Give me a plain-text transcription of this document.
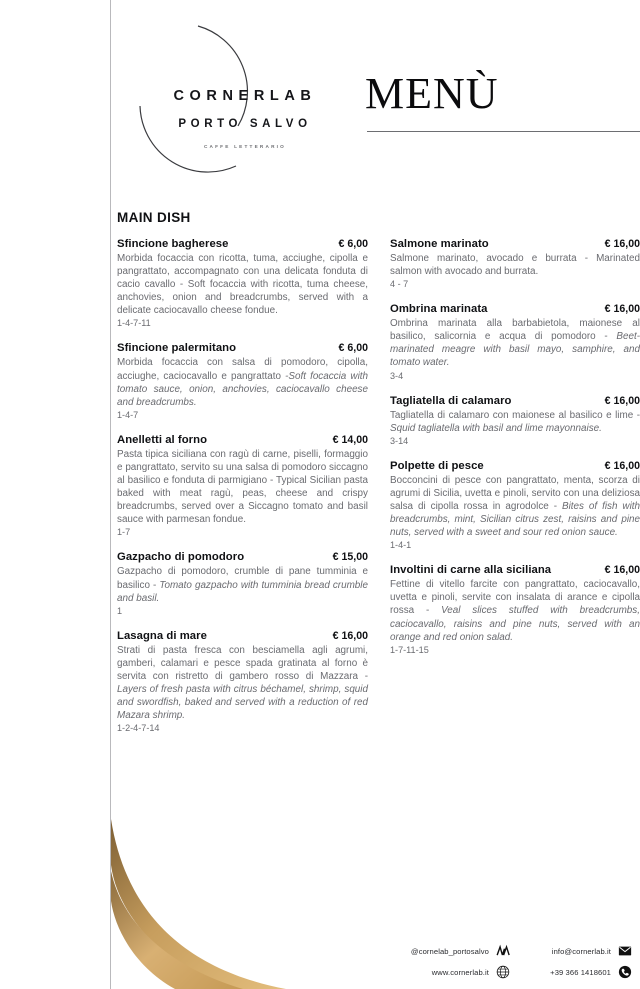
CORNERLAB
PORTO SALVO
CAFFE LETTERARIO
MENÙ
MAIN DISH
Sfincione bagherese	€ 6,00
Morbida focaccia con ricotta, tuma, acciughe, cipolla e pangrattato, accompagnato con una delicata fonduta di cacio cavallo - Soft focaccia with ricotta, tuma cheese, anchovies, onion and breadcrumbs, served with a delicate caciocavallo cheese fondue.
1-4-7-11
Sfincione palermitano	€ 6,00
Morbida focaccia con salsa di pomodoro, cipolla, acciughe, caciocavallo e pangrattato -Soft focaccia with tomato sauce, onion, anchovies, caciocavallo cheese and breadcrumbs.
1-4-7
Anelletti al forno	€ 14,00
Pasta tipica siciliana con ragù di carne, piselli, formaggio e pangrattato, servito su una salsa di pomodoro siccagno al basilico e fonduta di parmigiano - Typical Sicilian pasta baked with meat ragù, peas, cheese and crispy breadcrumbs, served over a Siccagno tomato and basil sauce with parmesan fondue.
1-7
Gazpacho di pomodoro	€ 15,00
Gazpacho di pomodoro, crumble di pane tumminia e basilico - Tomato gazpacho with tumminia bread crumble and basil.
1
Lasagna di mare	€ 16,00
Strati di pasta fresca con besciamella agli agrumi, gamberi, calamari e pesce spada gratinata al forno è servita con ristretto di gambero rosso di Mazzara - Layers of fresh pasta with citrus béchamel, shrimp, squid and swordfish, baked and served with a reduction of red Mazara shrimp.
1-2-4-7-14
Salmone marinato	€ 16,00
Salmone marinato, avocado e burrata - Marinated salmon with avocado and burrata.
4 - 7
Ombrina marinata	€ 16,00
Ombrina marinata alla barbabietola, maionese al basilico, salicornia e acqua di pomodoro - Beet-marinated meagre with basil mayo, samphire, and tomato water.
3-4
Tagliatella di calamaro	€ 16,00
Tagliatella di calamaro con maionese al basilico e lime - Squid tagliatella with basil and lime mayonnaise.
3-14
Polpette di pesce	€ 16,00
Bocconcini di pesce con pangrattato, menta, scorza di agrumi di Sicilia, uvetta e pinoli, servito con una deliziosa salsa di cipolla rossa in agrodolce - Bites of fish with breadcrumbs, mint, Sicilian citrus zest, raisins and pine nuts, served with a sweet and sour red onion sauce.
1-4-1
Involtini di carne alla siciliana	€ 16,00
Fettine di vitello farcite con pangrattato, caciocavallo, uvetta e pinoli, servite con insalata di arance e cipolla rossa - Veal slices stuffed with breadcrumbs, caciocavallo, raisins and pine nuts, served with an orange and red onion salad.
1-7-11-15
@cornelab_portosalvo	info@cornerlab.it
www.cornerlab.it	+39 366 1418601
